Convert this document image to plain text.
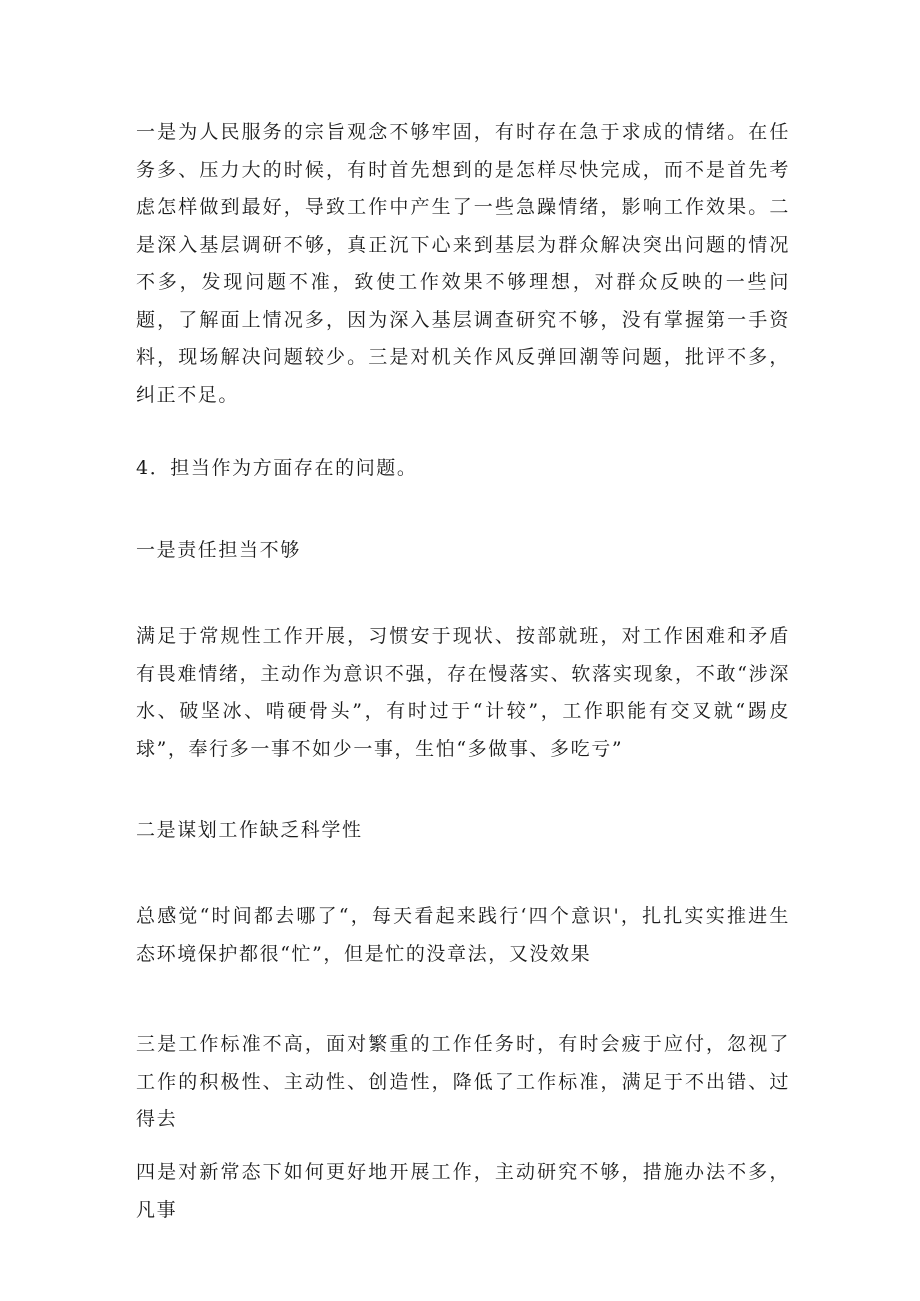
一是为人民服务的宗旨观念不够牢固，有时存在急于求成的情绪。在任务多、压力大的时候，有时首先想到的是怎样尽快完成，而不是首先考虑怎样做到最好，导致工作中产生了一些急躁情绪，影响工作效果。二是深入基层调研不够，真正沉下心来到基层为群众解决突出问题的情况不多，发现问题不准，致使工作效果不够理想，对群众反映的一些问题，了解面上情况多，因为深入基层调查研究不够，没有掌握第一手资料，现场解决问题较少。三是对机关作风反弹回潮等问题，批评不多，纠正不足。

4．担当作为方面存在的问题。

一是责任担当不够

满足于常规性工作开展，习惯安于现状、按部就班，对工作困难和矛盾有畏难情绪，主动作为意识不强，存在慢落实、软落实现象，不敢“涉深水、破坚冰、啃硬骨头”，有时过于“计较”，工作职能有交叉就“踢皮球”，奉行多一事不如少一事，生怕“多做事、多吃亏”

二是谋划工作缺乏科学性

总感觉“时间都去哪了“，每天看起来践行‘四个意识'，扎扎实实推进生态环境保护都很“忙”，但是忙的没章法，又没效果

三是工作标准不高，面对繁重的工作任务时，有时会疲于应付，忽视了工作的积极性、主动性、创造性，降低了工作标准，满足于不出错、过得去

四是对新常态下如何更好地开展工作，主动研究不够，措施办法不多，凡事
